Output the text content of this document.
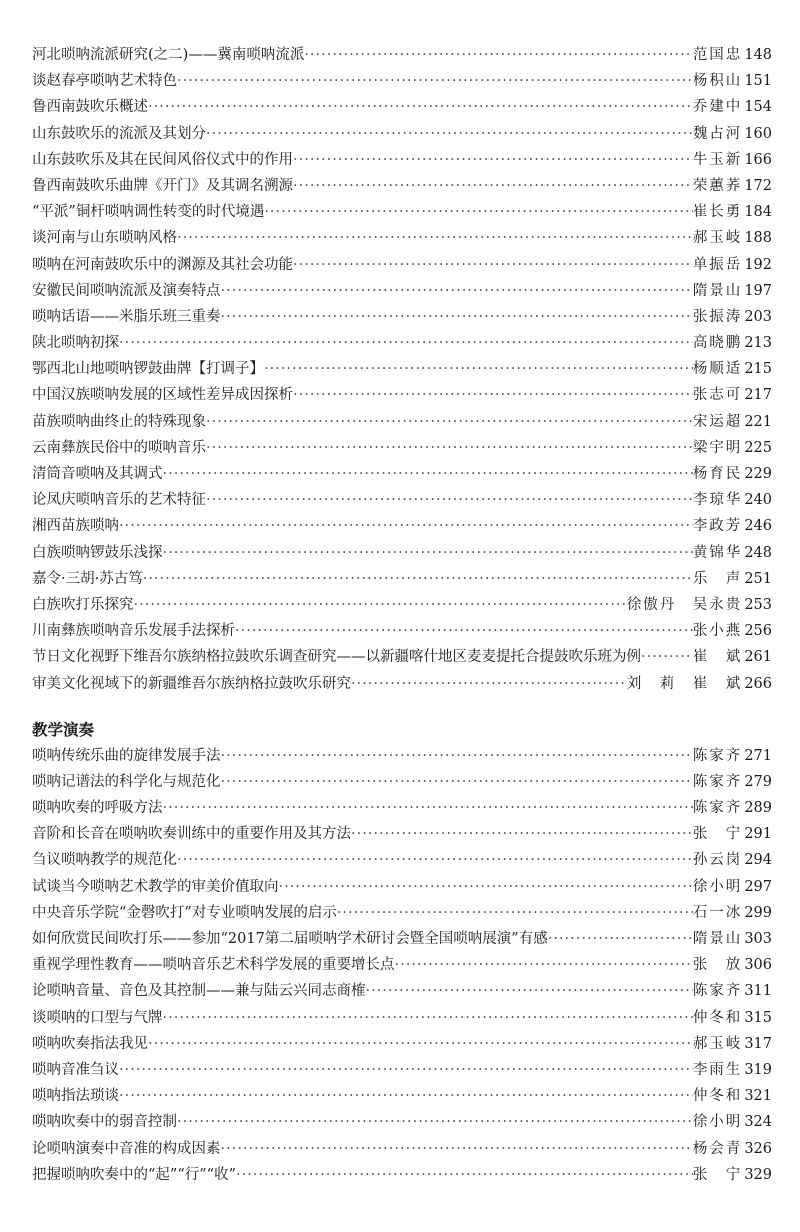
河北唢呐流派研究(之二)——冀南唢呐流派 ·····	范国忠 148
谈赵春亭唢呐艺术特色 ·····	杨积山 151
鲁西南鼓吹乐概述 ·····	乔建中 154
山东鼓吹乐的流派及其划分 ·····	魏占河 160
山东鼓吹乐及其在民间风俗仪式中的作用 ·····	牛玉新 166
鲁西南鼓吹乐曲牌《开门》及其调名溯源 ·····	荣蕙荞 172
“平派”铜杆唢呐调性转变的时代境遇 ·····	崔长勇 184
谈河南与山东唢呐风格 ·····	郝玉岐 188
唢呐在河南鼓吹乐中的渊源及其社会功能 ·····	单振岳 192
安徽民间唢呐流派及演奏特点 ·····	隋景山 197
唢呐话语——米脂乐班三重奏 ·····	张振涛 203
陕北唢呐初探 ·····	高晓鹏 213
鄂西北山地唢呐锣鼓曲牌【打调子】 ·····	杨顺适 215
中国汉族唢呐发展的区域性差异成因探析 ·····	张志可 217
苗族唢呐曲终止的特殊现象 ·····	宋运超 221
云南彝族民俗中的唢呐音乐 ·····	梁宇明 225
清筒音唢呐及其调式 ·····	杨育民 229
论凤庆唢呐音乐的艺术特征 ·····	李琼华 240
湘西苗族唢呐 ·····	李政芳 246
白族唢呐锣鼓乐浅探 ·····	黄锦华 248
嘉令·三胡·苏古笃 ·····	乐　声 251
白族吹打乐探究 ·····	徐傲丹　吴永贵 253
川南彝族唢呐音乐发展手法探析 ·····	张小燕 256
节日文化视野下维吾尔族纳格拉鼓吹乐调查研究——以新疆喀什地区麦麦提托合提鼓吹乐班为例 ·····	崔　斌 261
审美文化视域下的新疆维吾尔族纳格拉鼓吹乐研究 ·····	刘　莉　崔　斌 266
教学演奏
唢呐传统乐曲的旋律发展手法 ·····	陈家齐 271
唢呐记谱法的科学化与规范化 ·····	陈家齐 279
唢呐吹奏的呼吸方法 ·····	陈家齐 289
音阶和长音在唢呐吹奏训练中的重要作用及其方法 ·····	张　宁 291
刍议唢呐教学的规范化 ·····	孙云岗 294
试谈当今唢呐艺术教学的审美价值取向 ·····	徐小明 297
中央音乐学院“金磬吹打”对专业唢呐发展的启示 ·····	石一冰 299
如何欣赏民间吹打乐——参加“2017第二届唢呐学术研讨会暨全国唢呐展演”有感 ·····	隋景山 303
重视学理性教育——唢呐音乐艺术科学发展的重要增长点 ·····	张　放 306
论唢呐音量、音色及其控制——兼与陆云兴同志商榷 ·····	陈家齐 311
谈唢呐的口型与气牌 ·····	仲冬和 315
唢呐吹奏指法我见 ·····	郝玉岐 317
唢呐音准刍议 ·····	李雨生 319
唢呐指法琐谈 ·····	仲冬和 321
唢呐吹奏中的弱音控制 ·····	徐小明 324
论唢呐演奏中音准的构成因素 ·····	杨会青 326
把握唢呐吹奏中的“起”“行”“收” ·····	张　宁 329
